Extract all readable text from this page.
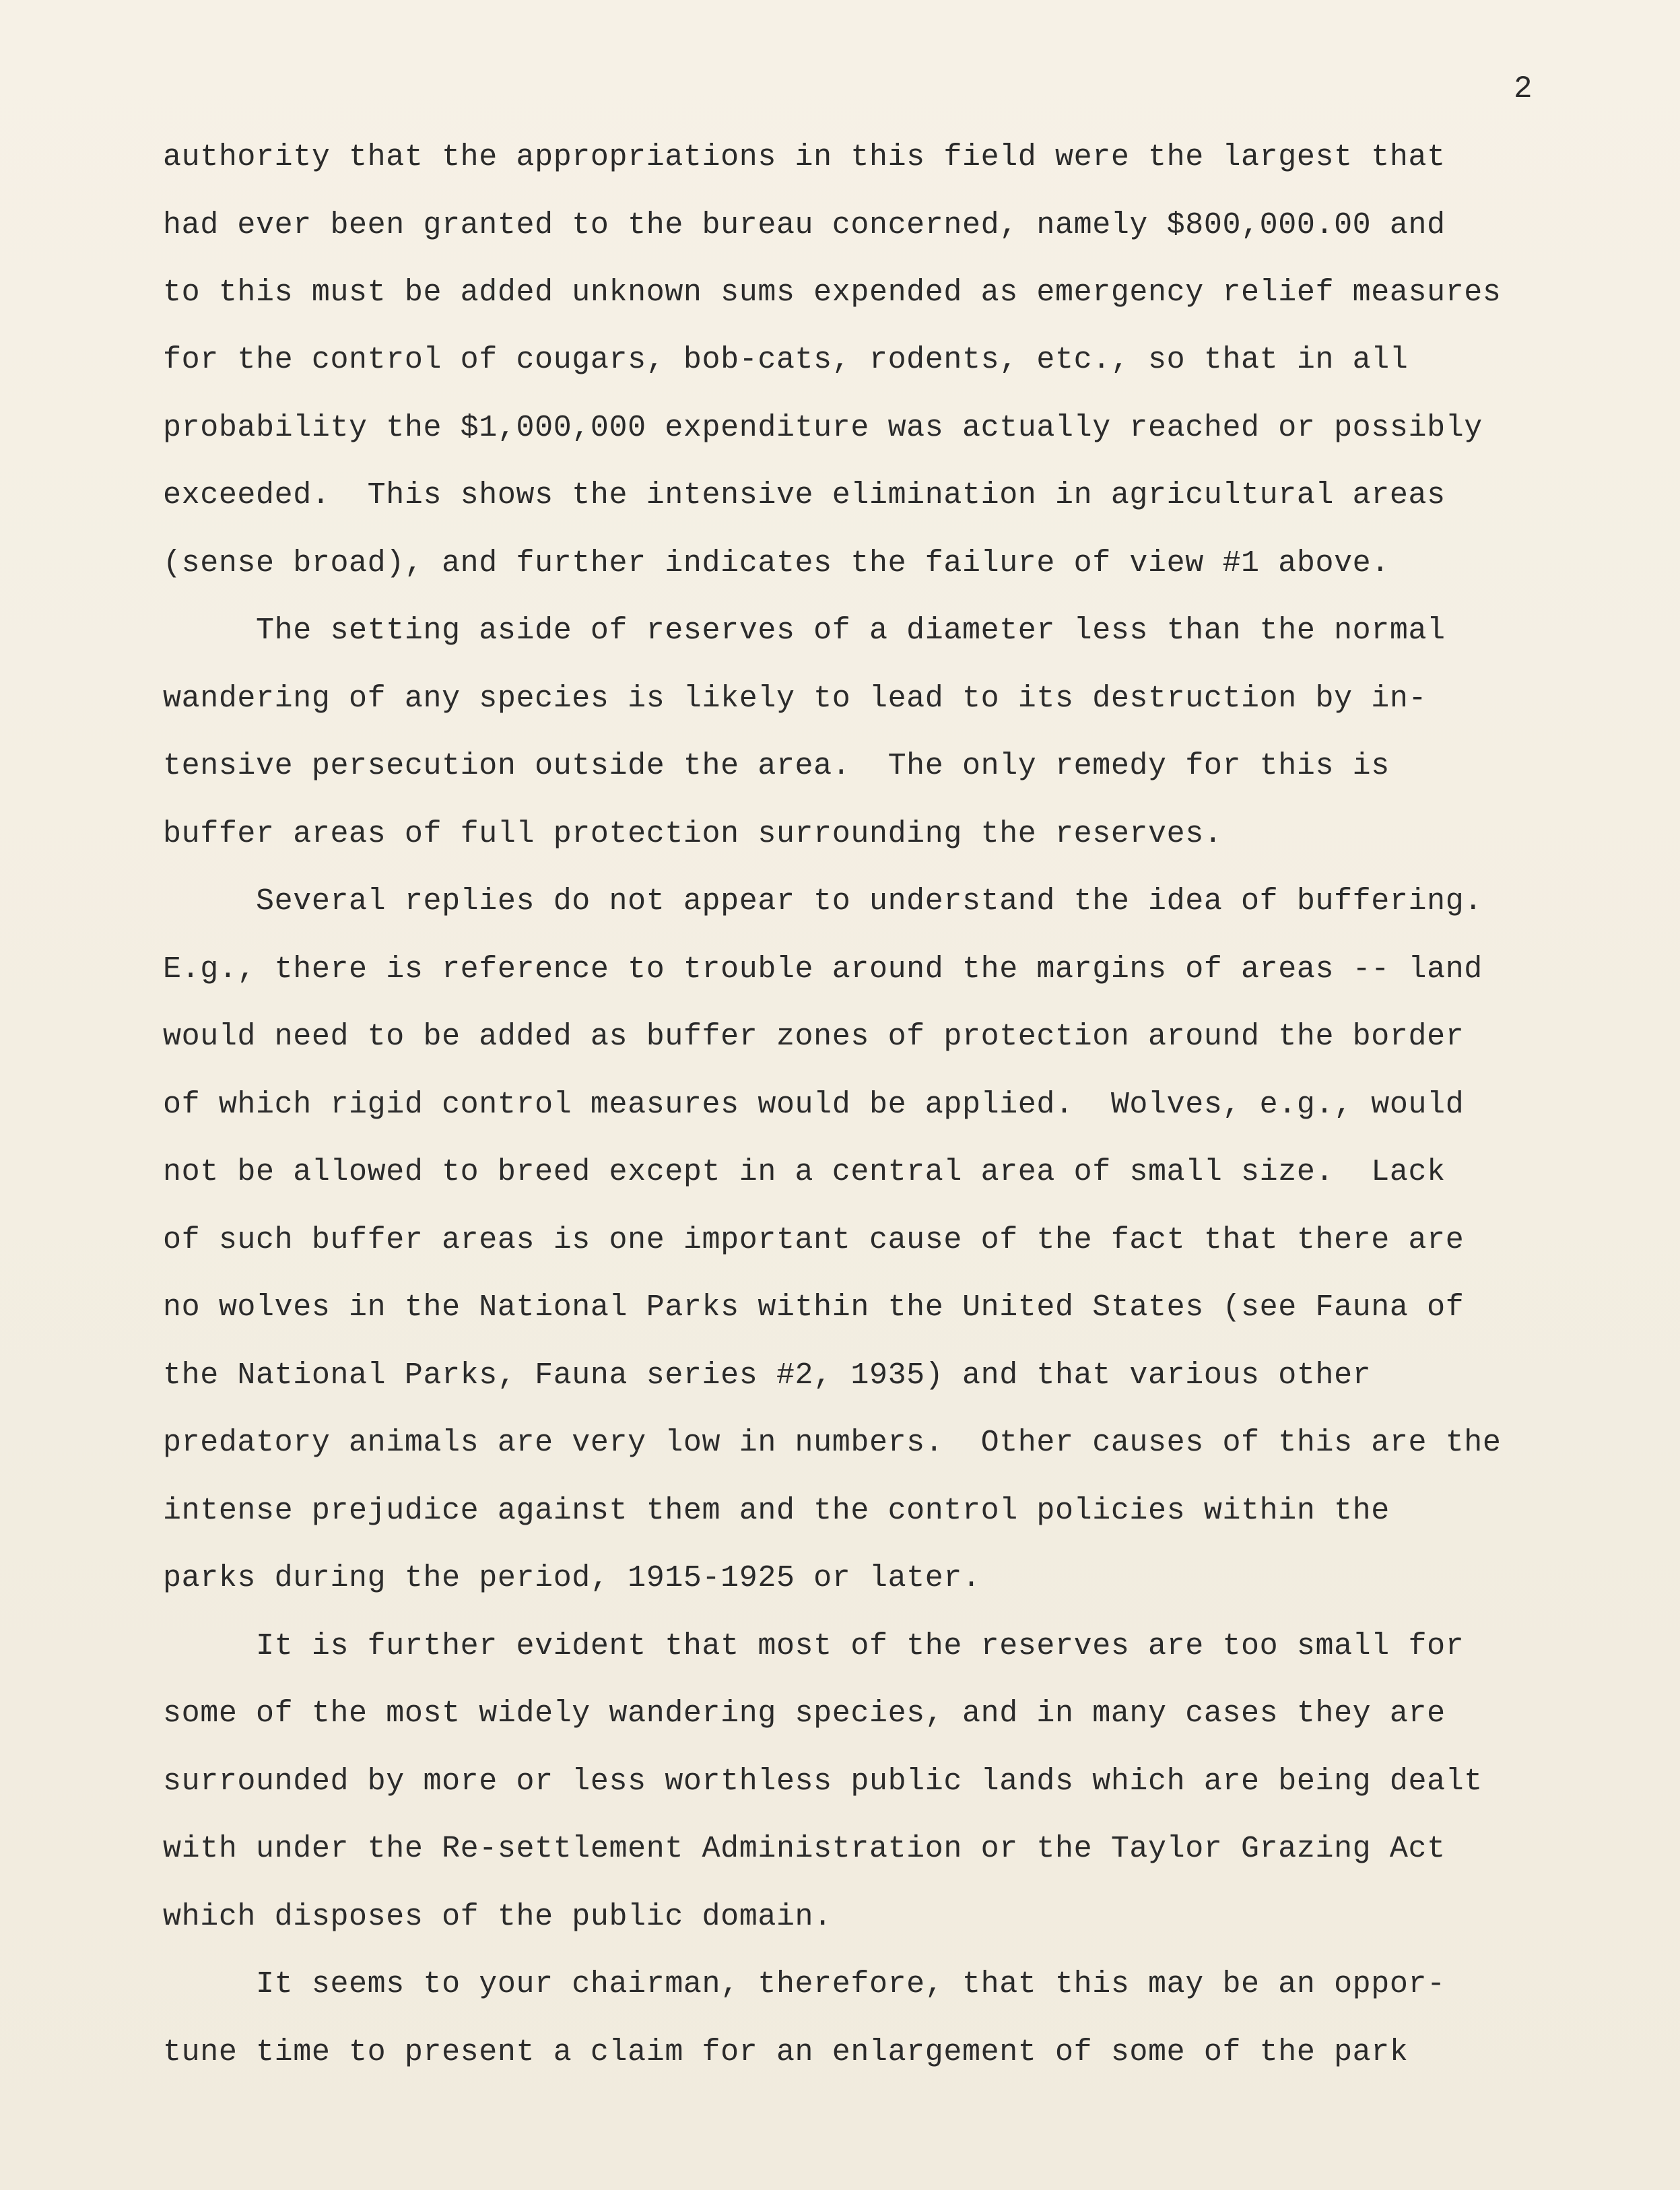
2
authority that the appropriations in this field were the largest that
had ever been granted to the bureau concerned, namely $800,000.00 and
to this must be added unknown sums expended as emergency relief measures
for the control of cougars, bob-cats, rodents, etc., so that in all
probability the $1,000,000 expenditure was actually reached or possibly
exceeded.  This shows the intensive elimination in agricultural areas
(sense broad), and further indicates the failure of view #1 above.
The setting aside of reserves of a diameter less than the normal
wandering of any species is likely to lead to its destruction by in-
tensive persecution outside the area.  The only remedy for this is
buffer areas of full protection surrounding the reserves.
Several replies do not appear to understand the idea of buffering.
E.g., there is reference to trouble around the margins of areas -- land
would need to be added as buffer zones of protection around the border
of which rigid control measures would be applied.  Wolves, e.g., would
not be allowed to breed except in a central area of small size.  Lack
of such buffer areas is one important cause of the fact that there are
no wolves in the National Parks within the United States (see Fauna of
the National Parks, Fauna series #2, 1935) and that various other
predatory animals are very low in numbers.  Other causes of this are the
intense prejudice against them and the control policies within the
parks during the period, 1915-1925 or later.
It is further evident that most of the reserves are too small for
some of the most widely wandering species, and in many cases they are
surrounded by more or less worthless public lands which are being dealt
with under the Re-settlement Administration or the Taylor Grazing Act
which disposes of the public domain.
It seems to your chairman, therefore, that this may be an oppor-
tune time to present a claim for an enlargement of some of the park
